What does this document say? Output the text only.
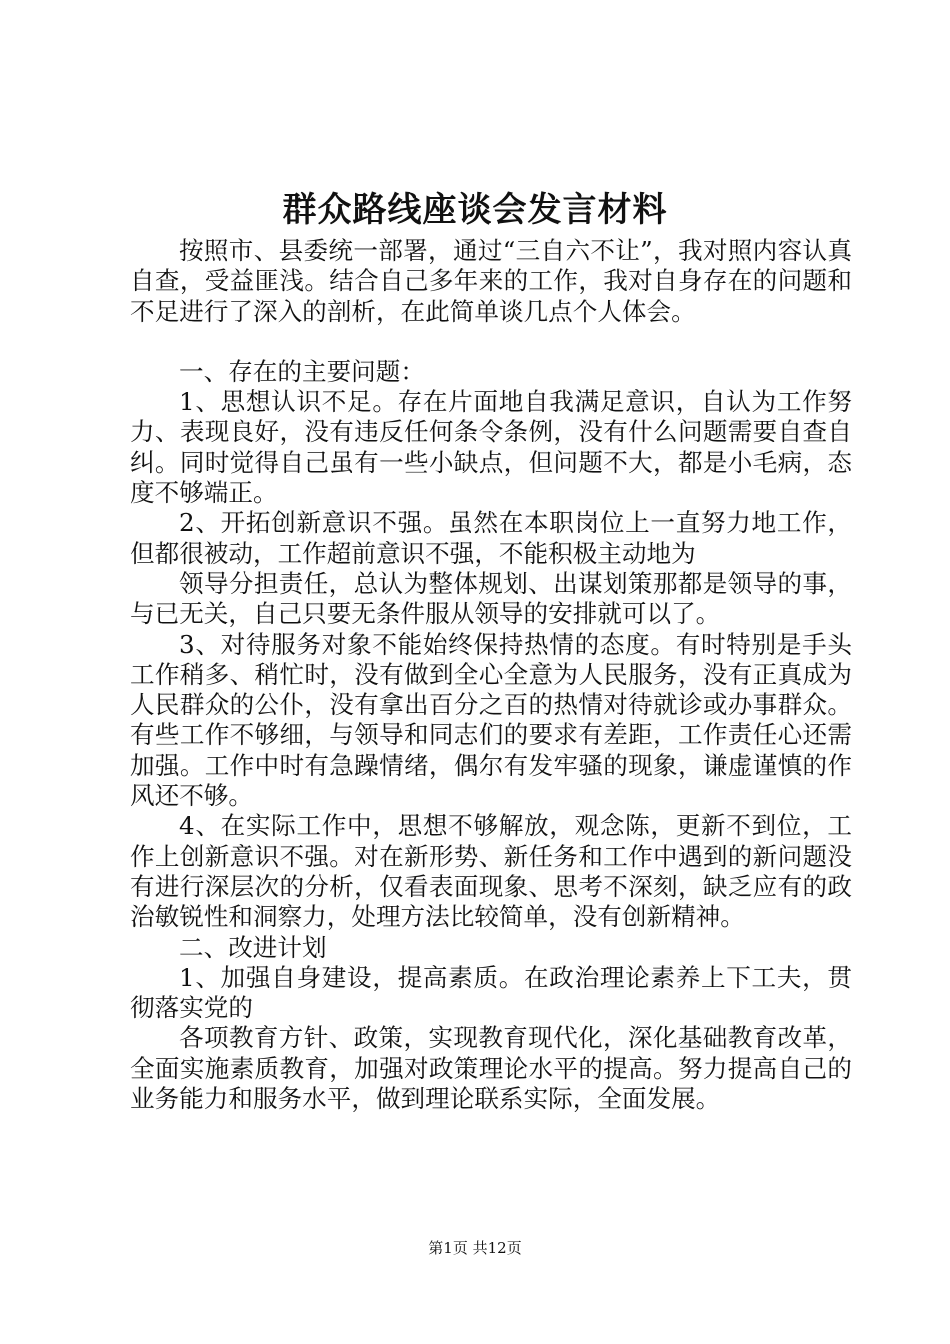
群众路线座谈会发言材料

按照市、县委统一部署，通过“三自六不让”，我对照内容认真自查，受益匪浅。结合自己多年来的工作，我对自身存在的问题和不足进行了深入的剖析，在此简单谈几点个人体会。

一、存在的主要问题：

1、思想认识不足。存在片面地自我满足意识，自认为工作努力、表现良好，没有违反任何条令条例，没有什么问题需要自查自纠。同时觉得自己虽有一些小缺点，但问题不大，都是小毛病，态度不够端正。

2、开拓创新意识不强。虽然在本职岗位上一直努力地工作，但都很被动，工作超前意识不强，不能积极主动地为

领导分担责任，总认为整体规划、出谋划策那都是领导的事，与已无关，自己只要无条件服从领导的安排就可以了。

3、对待服务对象不能始终保持热情的态度。有时特别是手头工作稍多、稍忙时，没有做到全心全意为人民服务，没有正真成为人民群众的公仆，没有拿出百分之百的热情对待就诊或办事群众。有些工作不够细，与领导和同志们的要求有差距，工作责任心还需加强。工作中时有急躁情绪，偶尔有发牢骚的现象，谦虚谨慎的作风还不够。

4、在实际工作中，思想不够解放，观念陈，更新不到位，工作上创新意识不强。对在新形势、新任务和工作中遇到的新问题没有进行深层次的分析，仅看表面现象、思考不深刻，缺乏应有的政治敏锐性和洞察力，处理方法比较简单，没有创新精神。

二、改进计划

1、加强自身建设，提高素质。在政治理论素养上下工夫，贯彻落实党的

各项教育方针、政策，实现教育现代化，深化基础教育改革，全面实施素质教育，加强对政策理论水平的提高。努力提高自己的业务能力和服务水平，做到理论联系实际，全面发展。

第1页 共12页
